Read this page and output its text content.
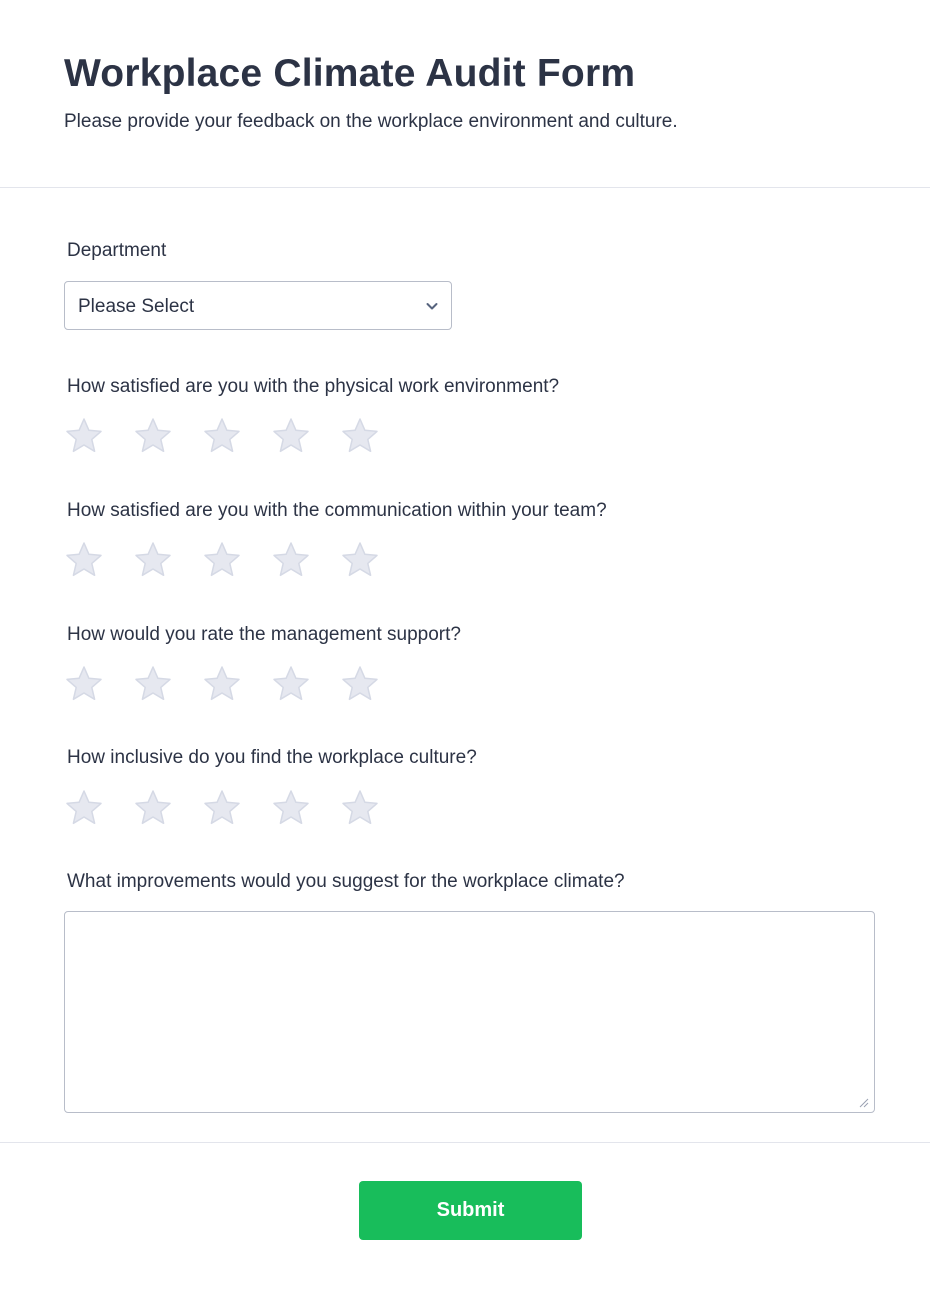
Workplace Climate Audit Form

Please provide your feedback on the workplace environment and culture.

Department
Please Select
How satisfied are you with the physical work environment?
How satisfied are you with the communication within your team?
How would you rate the management support?
How inclusive do you find the workplace culture?
What improvements would you suggest for the workplace climate?
Submit
